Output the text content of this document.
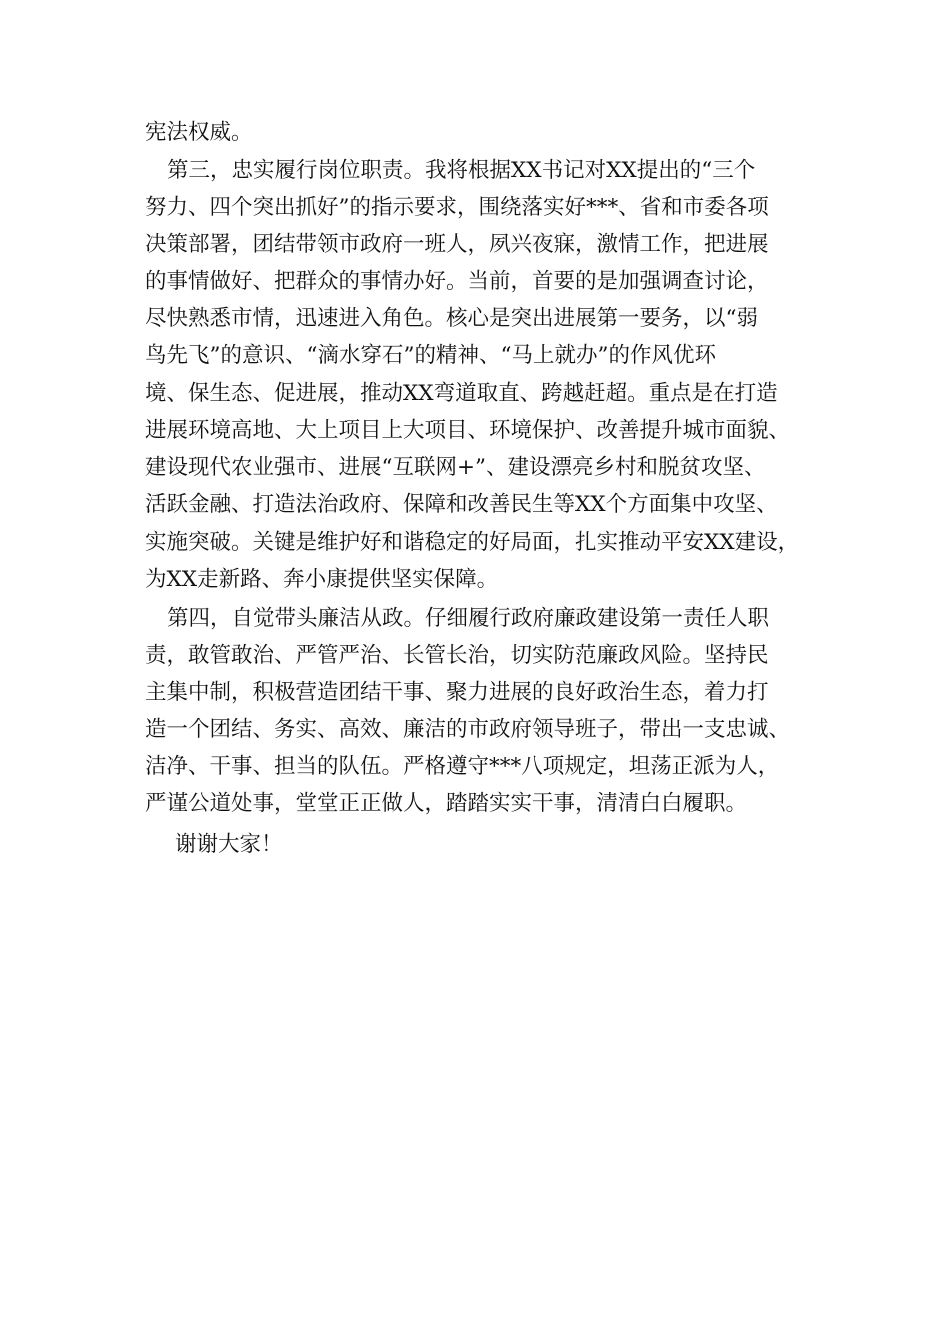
宪法权威。
第三，忠实履行岗位职责。我将根据XX书记对XX提出的“三个
努力、四个突出抓好”的指示要求，围绕落实好***、省和市委各项
决策部署，团结带领市政府一班人，夙兴夜寐，激情工作，把进展
的事情做好、把群众的事情办好。当前，首要的是加强调查讨论，
尽快熟悉市情，迅速进入角色。核心是突出进展第一要务，以“弱
鸟先飞”的意识、“滴水穿石”的精神、“马上就办”的作风优环
境、保生态、促进展，推动XX弯道取直、跨越赶超。重点是在打造
进展环境高地、大上项目上大项目、环境保护、改善提升城市面貌、
建设现代农业强市、进展“互联网+”、建设漂亮乡村和脱贫攻坚、
活跃金融、打造法治政府、保障和改善民生等XX个方面集中攻坚、
实施突破。关键是维护好和谐稳定的好局面，扎实推动平安XX建设，
为XX走新路、奔小康提供坚实保障。
第四，自觉带头廉洁从政。仔细履行政府廉政建设第一责任人职
责，敢管敢治、严管严治、长管长治，切实防范廉政风险。坚持民
主集中制，积极营造团结干事、聚力进展的良好政治生态，着力打
造一个团结、务实、高效、廉洁的市政府领导班子，带出一支忠诚、
洁净、干事、担当的队伍。严格遵守***八项规定，坦荡正派为人，
严谨公道处事，堂堂正正做人，踏踏实实干事，清清白白履职。
谢谢大家！
